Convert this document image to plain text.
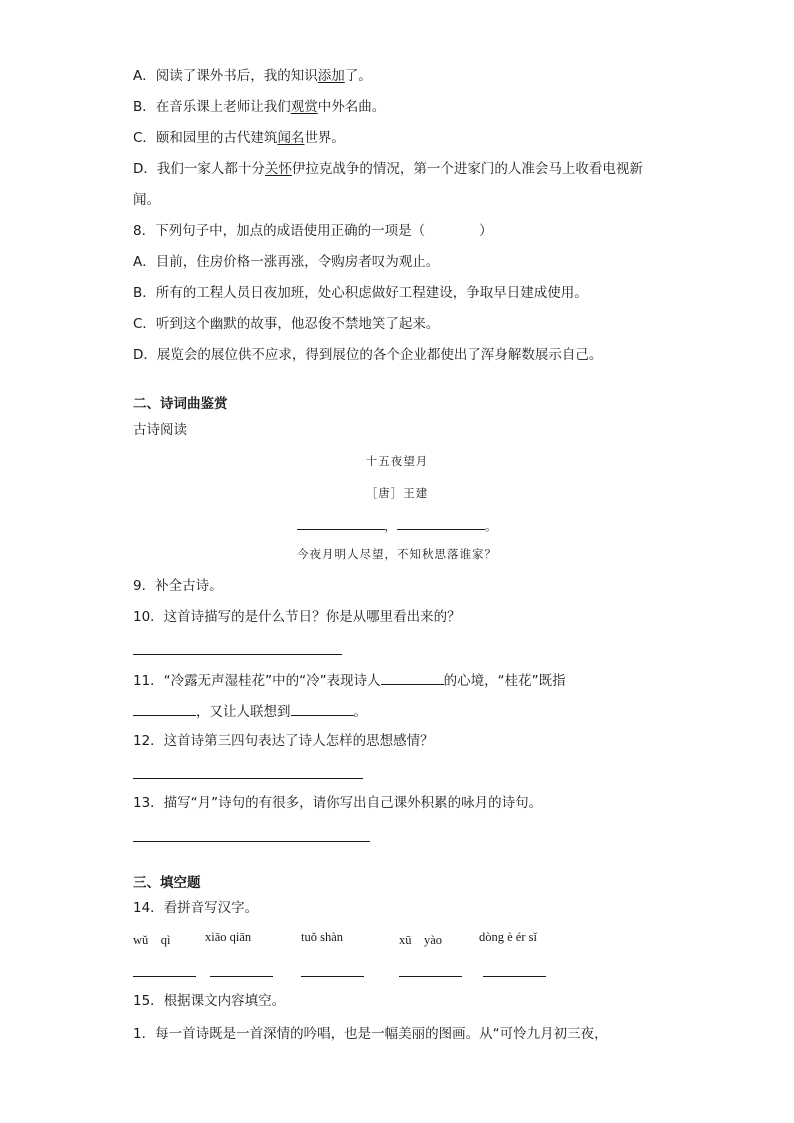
A．阅读了课外书后，我的知识添加了。
B．在音乐课上老师让我们观赏中外名曲。
C．颐和园里的古代建筑闻名世界。
D．我们一家人都十分关怀伊拉克战争的情况，第一个进家门的人准会马上收看电视新
闻。
8．下列句子中，加点的成语使用正确的一项是（　　　　）
A．目前，住房价格一涨再涨，令购房者叹为观止。
B．所有的工程人员日夜加班，处心积虑做好工程建设，争取早日建成使用。
C．听到这个幽默的故事，他忍俊不禁地笑了起来。
D．展览会的展位供不应求，得到展位的各个企业都使出了浑身解数展示自己。
二、诗词曲鉴赏
古诗阅读
十五夜望月
［唐］王建
，	。
今夜月明人尽望，不知秋思落谁家？
9．补全古诗。
10．这首诗描写的是什么节日？你是从哪里看出来的？
11．“冷露无声湿桂花”中的“冷”表现诗人	的心境，“桂花”既指
，又让人联想到	。
12．这首诗第三四句表达了诗人怎样的思想感情？
13．描写“月”诗句的有很多，请你写出自己课外积累的咏月的诗句。
三、填空题
14．看拼音写汉字。
wǔ　qì	xiāo qiān	tuǒ shàn	xū　yào	dòng è ér sǐ
15．根据课文内容填空。
1．每一首诗既是一首深情的吟唱，也是一幅美丽的图画。从“可怜九月初三夜，
